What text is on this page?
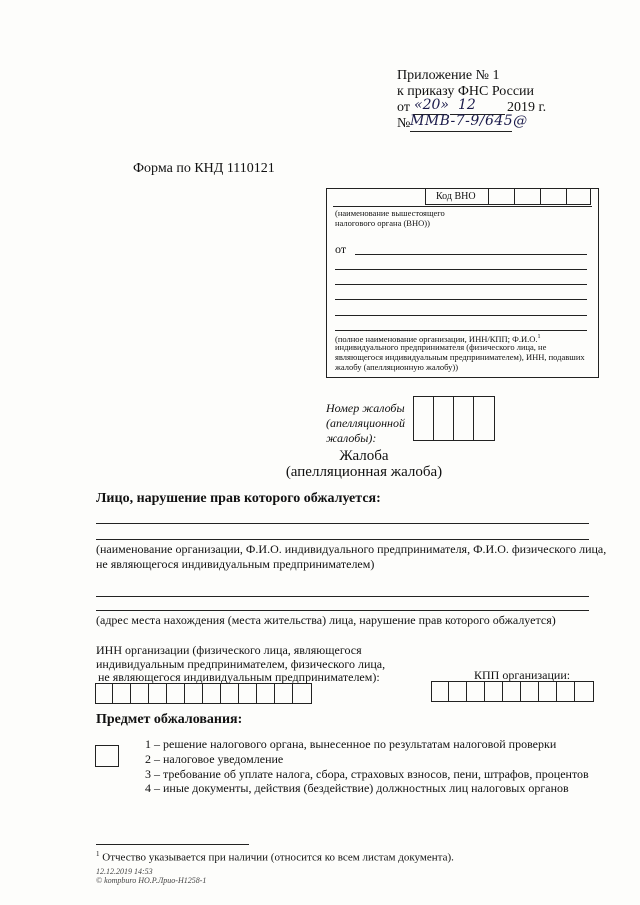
Приложение № 1
к приказу ФНС России
от «20» 12 2019 г.
№ ММВ-7-9/645@
Форма по КНД 1110121
Код ВНО
(наименование вышестоящего
налогового органа (ВНО))
от
(полное наименование организации, ИНН/КПП; Ф.И.О.$^1$
индивидуального предпринимателя (физического лица, не
являющегося индивидуальным предпринимателем), ИНН, подавших
жалобу (апелляционную жалобу))
Номер жалобы
(апелляционной
жалобы):
Жалоба
(апелляционная жалоба)
Лицо, нарушение прав которого обжалуется:
(наименование организации, Ф.И.О. индивидуального предпринимателя, Ф.И.О. физического лица,
не являющегося индивидуальным предпринимателем)
(адрес места нахождения (места жительства) лица, нарушение прав которого обжалуется)
ИНН организации (физического лица, являющегося
индивидуальным предпринимателем, физического лица,
не являющегося индивидуальным предпринимателем):	КПП организации:
Предмет обжалования:
1 – решение налогового органа, вынесенное по результатам налоговой проверки
2 – налоговое уведомление
3 – требование об уплате налога, сбора, страховых взносов, пени, штрафов, процентов
4 – иные документы, действия (бездействие) должностных лиц налоговых органов
$^1$ Отчество указывается при наличии (относится ко всем листам документа).
12.12.2019 14:53
© kompburo НО.Р.Лрио-Н1258-1
